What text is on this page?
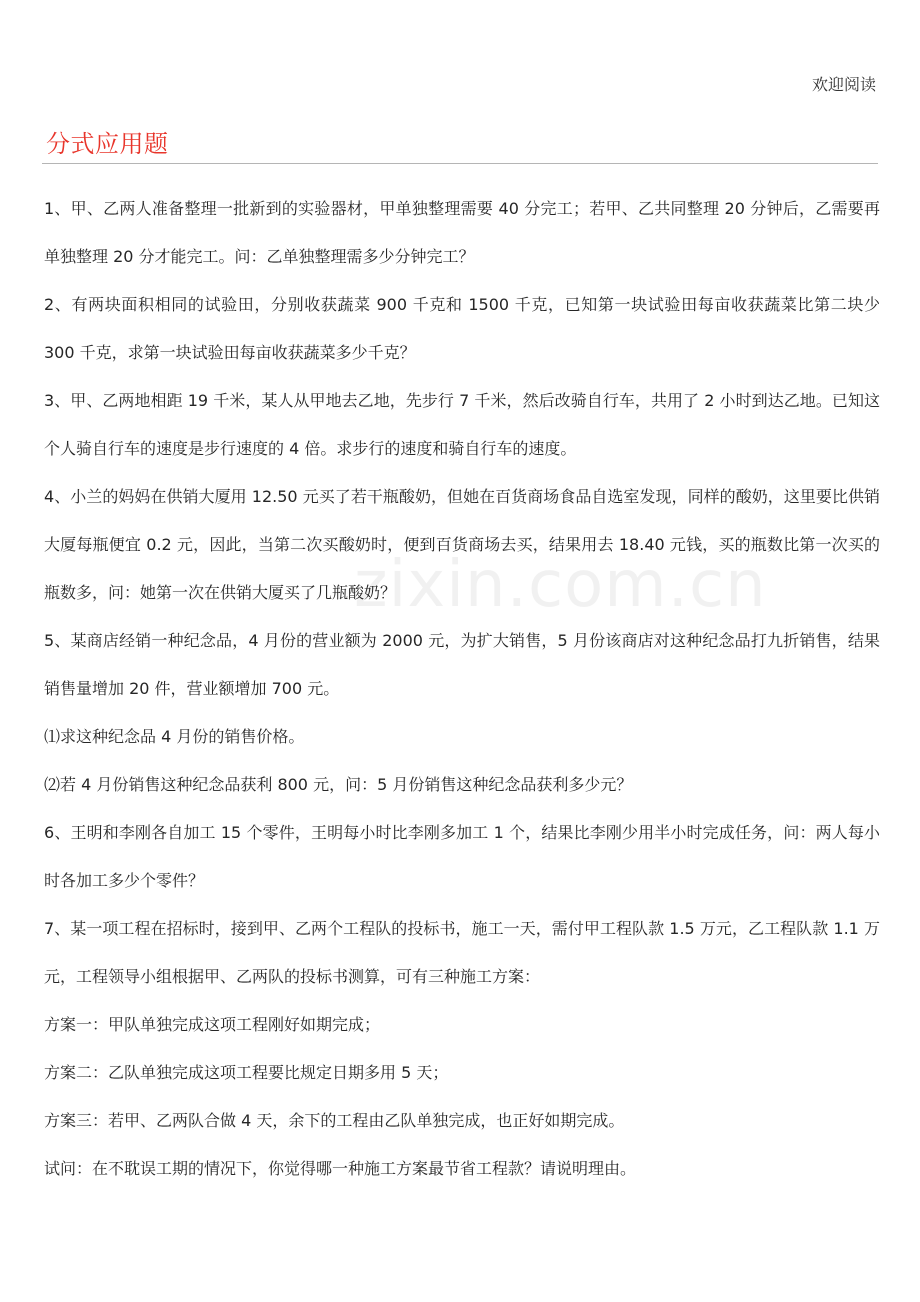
欢迎阅读
分式应用题
zixin.com.cn

1、甲、乙两人准备整理一批新到的实验器材，甲单独整理需要 40 分完工；若甲、乙共同整理 20 分钟后，乙需要再单独整理 20 分才能完工。问：乙单独整理需多少分钟完工？

2、有两块面积相同的试验田，分别收获蔬菜 900 千克和 1500 千克，已知第一块试验田每亩收获蔬菜比第二块少 300 千克，求第一块试验田每亩收获蔬菜多少千克？

3、甲、乙两地相距 19 千米，某人从甲地去乙地，先步行 7 千米，然后改骑自行车，共用了 2 小时到达乙地。已知这个人骑自行车的速度是步行速度的 4 倍。求步行的速度和骑自行车的速度。

4、小兰的妈妈在供销大厦用 12.50 元买了若干瓶酸奶，但她在百货商场食品自选室发现，同样的酸奶，这里要比供销大厦每瓶便宜 0.2 元，因此，当第二次买酸奶时，便到百货商场去买，结果用去 18.40 元钱，买的瓶数比第一次买的瓶数多，问：她第一次在供销大厦买了几瓶酸奶？

5、某商店经销一种纪念品，4 月份的营业额为 2000 元，为扩大销售，5 月份该商店对这种纪念品打九折销售，结果销售量增加 20 件，营业额增加 700 元。

⑴求这种纪念品 4 月份的销售价格。

⑵若 4 月份销售这种纪念品获利 800 元，问：5 月份销售这种纪念品获利多少元？

6、王明和李刚各自加工 15 个零件，王明每小时比李刚多加工 1 个，结果比李刚少用半小时完成任务，问：两人每小时各加工多少个零件？

7、某一项工程在招标时，接到甲、乙两个工程队的投标书，施工一天，需付甲工程队款 1.5 万元，乙工程队款 1.1 万元，工程领导小组根据甲、乙两队的投标书测算，可有三种施工方案：

方案一：甲队单独完成这项工程刚好如期完成；

方案二：乙队单独完成这项工程要比规定日期多用 5 天；

方案三：若甲、乙两队合做 4 天，余下的工程由乙队单独完成，也正好如期完成。

试问：在不耽误工期的情况下，你觉得哪一种施工方案最节省工程款？请说明理由。
